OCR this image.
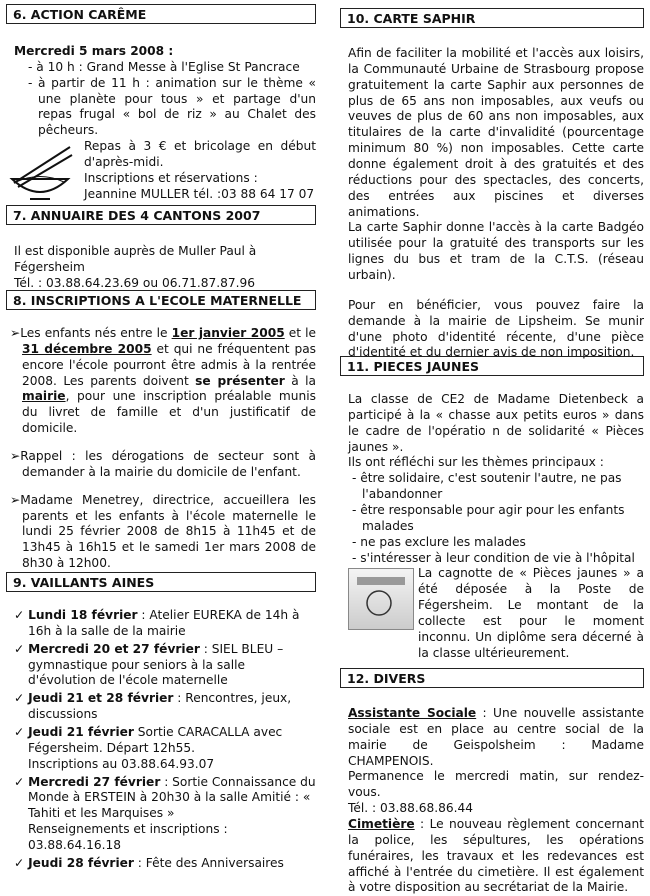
6. ACTION CARÊME

Mercredi 5 mars 2008 :

- à 10 h : Grand Messe à l'Eglise St Pancrace
- à partir de 11 h : animation sur le thème « une planète pour tous » et partage d'un repas frugal « bol de riz » au Chalet des pêcheurs.

Repas à 3 € et bricolage en début d'après-midi.

Inscriptions et réservations :

Jeannine MULLER tél. :03 88 64 17 07

7. ANNUAIRE DES 4 CANTONS 2007

Il est disponible auprès de Muller Paul à Fégersheim

Tél. : 03.88.64.23.69 ou 06.71.87.87.96

8. INSCRIPTIONS A L'ECOLE MATERNELLE
➢Les enfants nés entre le 1er janvier 2005 et le 31 décembre 2005 et qui ne fréquentent pas encore l'école pourront être admis à la rentrée 2008. Les parents doivent se présenter à la mairie, pour une inscription préalable munis du livret de famille et d'un justificatif de domicile.
➢Rappel : les dérogations de secteur sont à demander à la mairie du domicile de l'enfant.
➢Madame Menetrey, directrice, accueillera les parents et les enfants à l'école maternelle le lundi 25 février 2008 de 8h15 à 11h45 et de 13h45 à 16h15 et le samedi 1er mars 2008 de 8h30 à 12h00.
9. VAILLANTS AINES
✓ Lundi 18 février : Atelier EUREKA de 14h à 16h à la salle de la mairie
✓ Mercredi 20 et 27 février : SIEL BLEU – gymnastique pour seniors à la salle d'évolution de l'école maternelle
✓ Jeudi 21 et 28 février : Rencontres, jeux, discussions
✓ Jeudi 21 février Sortie CARACALLA avec Fégersheim. Départ 12h55.
Inscriptions au 03.88.64.93.07
✓ Mercredi 27 février : Sortie Connaissance du Monde à ERSTEIN à 20h30 à la salle Amitié : « Tahiti et les Marquises »
Renseignements et inscriptions : 03.88.64.16.18
✓ Jeudi 28 février : Fête des Anniversaires
10. CARTE SAPHIR

Afin de faciliter la mobilité et l'accès aux loisirs, la Communauté Urbaine de Strasbourg propose gratuitement la carte Saphir aux personnes de plus de 65 ans non imposables, aux veufs ou veuves de plus de 60 ans non imposables, aux titulaires de la carte d'invalidité (pourcentage minimum 80 %) non imposables. Cette carte donne également droit à des gratuités et des réductions pour des spectacles, des concerts, des entrées aux piscines et diverses animations.

La carte Saphir donne l'accès à la carte Badgéo utilisée pour la gratuité des transports sur les lignes du bus et tram de la C.T.S. (réseau urbain).

Pour en bénéficier, vous pouvez faire la demande à la mairie de Lipsheim. Se munir d'une photo d'identité récente, d'une pièce d'identité et du dernier avis de non imposition.

11. PIECES JAUNES

La classe de CE2 de Madame Dietenbeck a participé à la « chasse aux petits euros » dans le cadre de l'opératio n de solidarité « Pièces jaunes ».

Ils ont réfléchi sur les thèmes principaux :

- être solidaire, c'est soutenir l'autre, ne pas l'abandonner
- être responsable pour agir pour les enfants malades
- ne pas exclure les malades
- s'intéresser à leur condition de vie à l'hôpital

La cagnotte de « Pièces jaunes » a été déposée à la Poste de Fégersheim. Le montant de la collecte est pour le moment inconnu. Un diplôme sera décerné à la classe ultérieurement.

12. DIVERS

Assistante Sociale : Une nouvelle assistante sociale est en place au centre social de la mairie de Geispolsheim : Madame CHAMPENOIS.

Permanence le mercredi matin, sur rendez-vous.

Tél. : 03.88.68.86.44

Cimetière : Le nouveau règlement concernant la police, les sépultures, les opérations funéraires, les travaux et les redevances est affiché à l'entrée du cimetière. Il est également à votre disposition au secrétariat de la Mairie.
